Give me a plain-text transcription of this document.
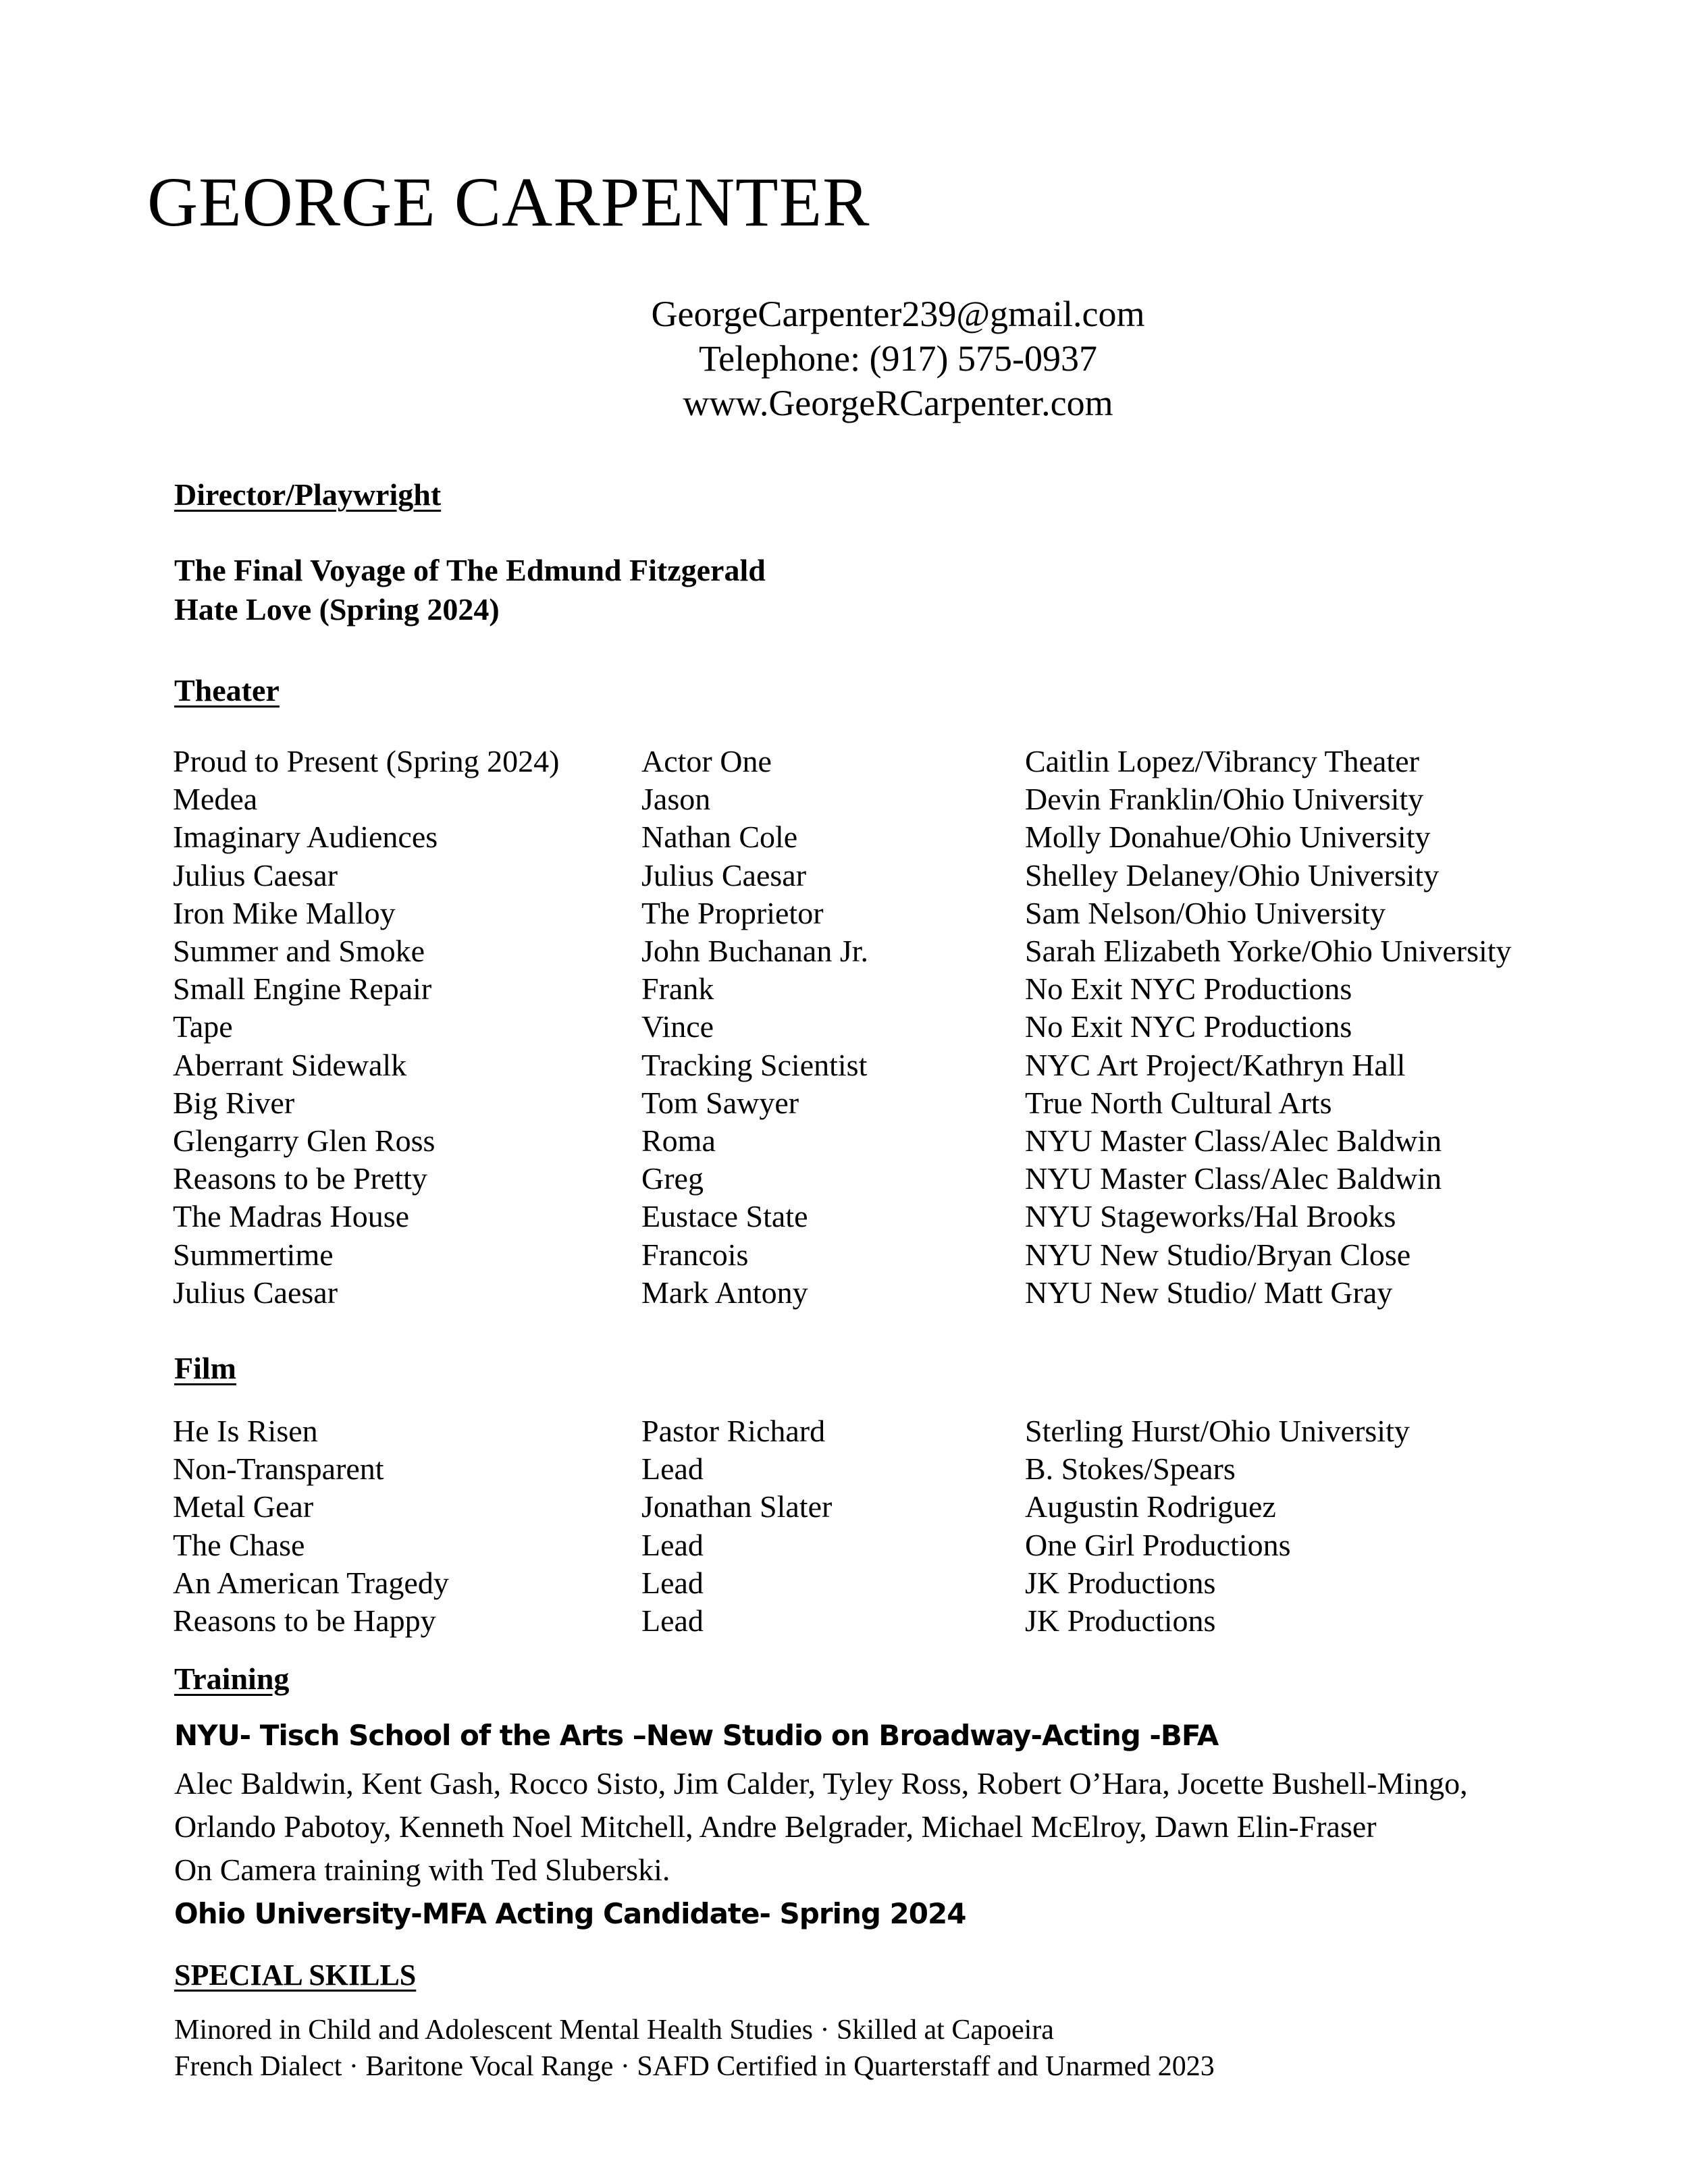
GEORGE CARPENTER
GeorgeCarpenter239@gmail.com
Telephone: (917) 575-0937
www.GeorgeRCarpenter.com
Director/Playwright
The Final Voyage of The Edmund Fitzgerald
Hate Love (Spring 2024)
Theater
Proud to Present (Spring 2024)	Actor One	Caitlin Lopez/Vibrancy Theater
Medea	Jason	Devin Franklin/Ohio University
Imaginary Audiences	Nathan Cole	Molly Donahue/Ohio University
Julius Caesar	Julius Caesar	Shelley Delaney/Ohio University
Iron Mike Malloy	The Proprietor	Sam Nelson/Ohio University
Summer and Smoke	John Buchanan Jr.	Sarah Elizabeth Yorke/Ohio University
Small Engine Repair	Frank	No Exit NYC Productions
Tape	Vince	No Exit NYC Productions
Aberrant Sidewalk	Tracking Scientist	NYC Art Project/Kathryn Hall
Big River	Tom Sawyer	True North Cultural Arts
Glengarry Glen Ross	Roma	NYU Master Class/Alec Baldwin
Reasons to be Pretty	Greg	NYU Master Class/Alec Baldwin
The Madras House	Eustace State	NYU Stageworks/Hal Brooks
Summertime	Francois	NYU New Studio/Bryan Close
Julius Caesar	Mark Antony	NYU New Studio/ Matt Gray
Film
He Is Risen	Pastor Richard	Sterling Hurst/Ohio University
Non-Transparent	Lead	B. Stokes/Spears
Metal Gear	Jonathan Slater	Augustin Rodriguez
The Chase	Lead	One Girl Productions
An American Tragedy	Lead	JK Productions
Reasons to be Happy	Lead	JK Productions
Training
NYU- Tisch School of the Arts –New Studio on Broadway-Acting -BFA
Alec Baldwin, Kent Gash, Rocco Sisto, Jim Calder, Tyley Ross, Robert O’Hara, Jocette Bushell-Mingo,
Orlando Pabotoy, Kenneth Noel Mitchell, Andre Belgrader, Michael McElroy, Dawn Elin-Fraser
On Camera training with Ted Sluberski.
Ohio University-MFA Acting Candidate- Spring 2024
SPECIAL SKILLS
Minored in Child and Adolescent Mental Health Studies · Skilled at Capoeira
French Dialect · Baritone Vocal Range · SAFD Certified in Quarterstaff and Unarmed 2023
